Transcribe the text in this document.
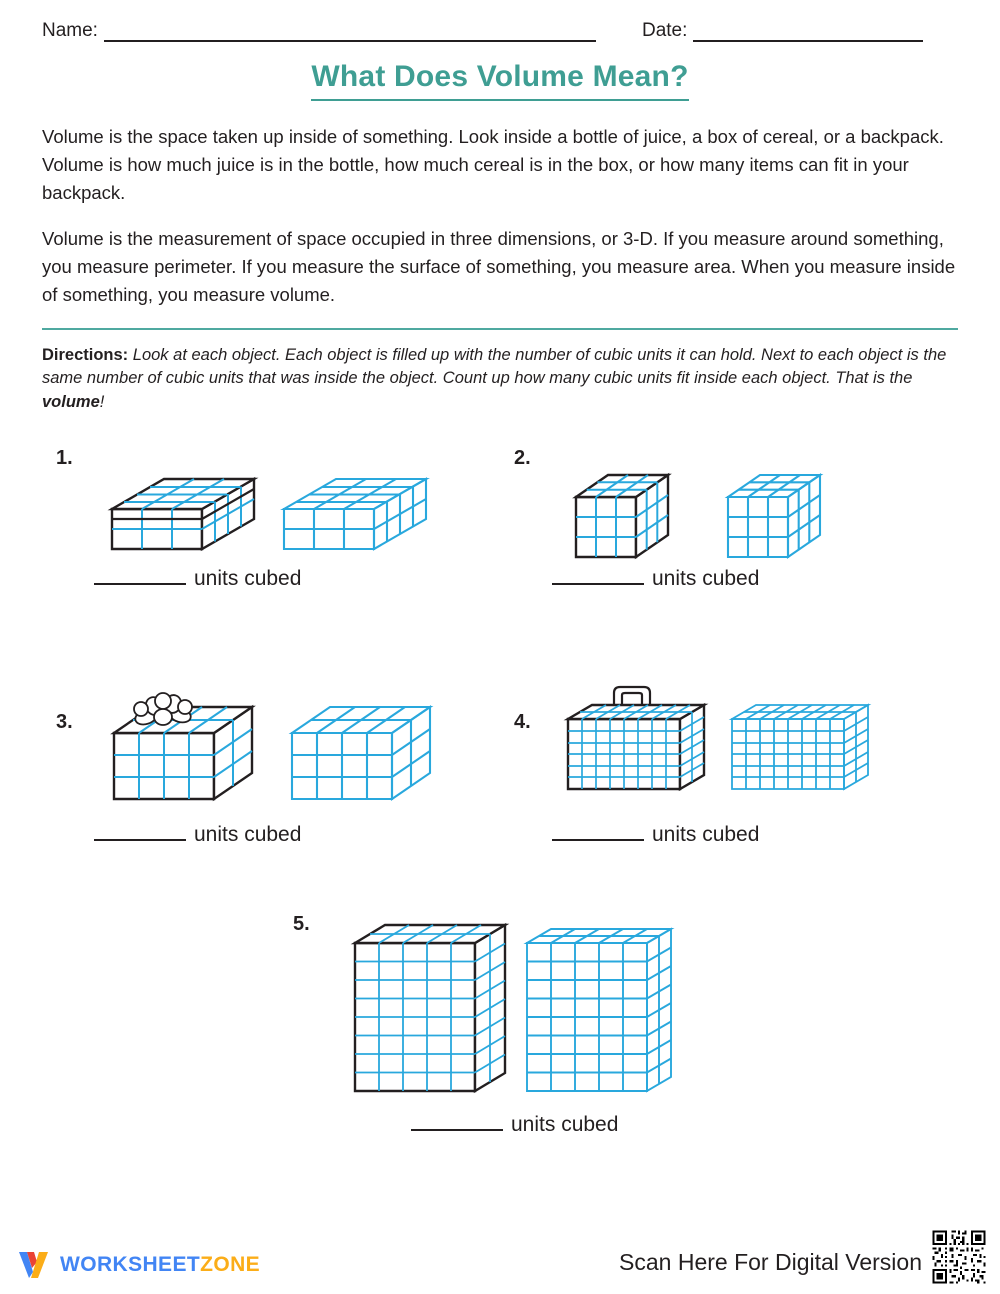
Name:	Date:
What Does Volume Mean?

Volume is the space taken up inside of something. Look inside a bottle of juice, a box of cereal, or a backpack. Volume is how much juice is in the bottle, how much cereal is in the box, or how many items can fit in your backpack.

Volume is the measurement of space occupied in three dimensions, or 3-D. If you measure around something, you measure perimeter. If you measure the surface of something, you measure area. When you measure inside of something, you measure volume.

Directions: Look at each object. Each object is filled up with the number of cubic units it can hold. Next to each object is the same number of cubic units that was inside the object. Count up how many cubic units fit inside each object. That is the volume!
1.
units cubed
2.
units cubed
3.
units cubed
4.
units cubed
5.
units cubed
WORKSHEETZONE	Scan Here For Digital Version
